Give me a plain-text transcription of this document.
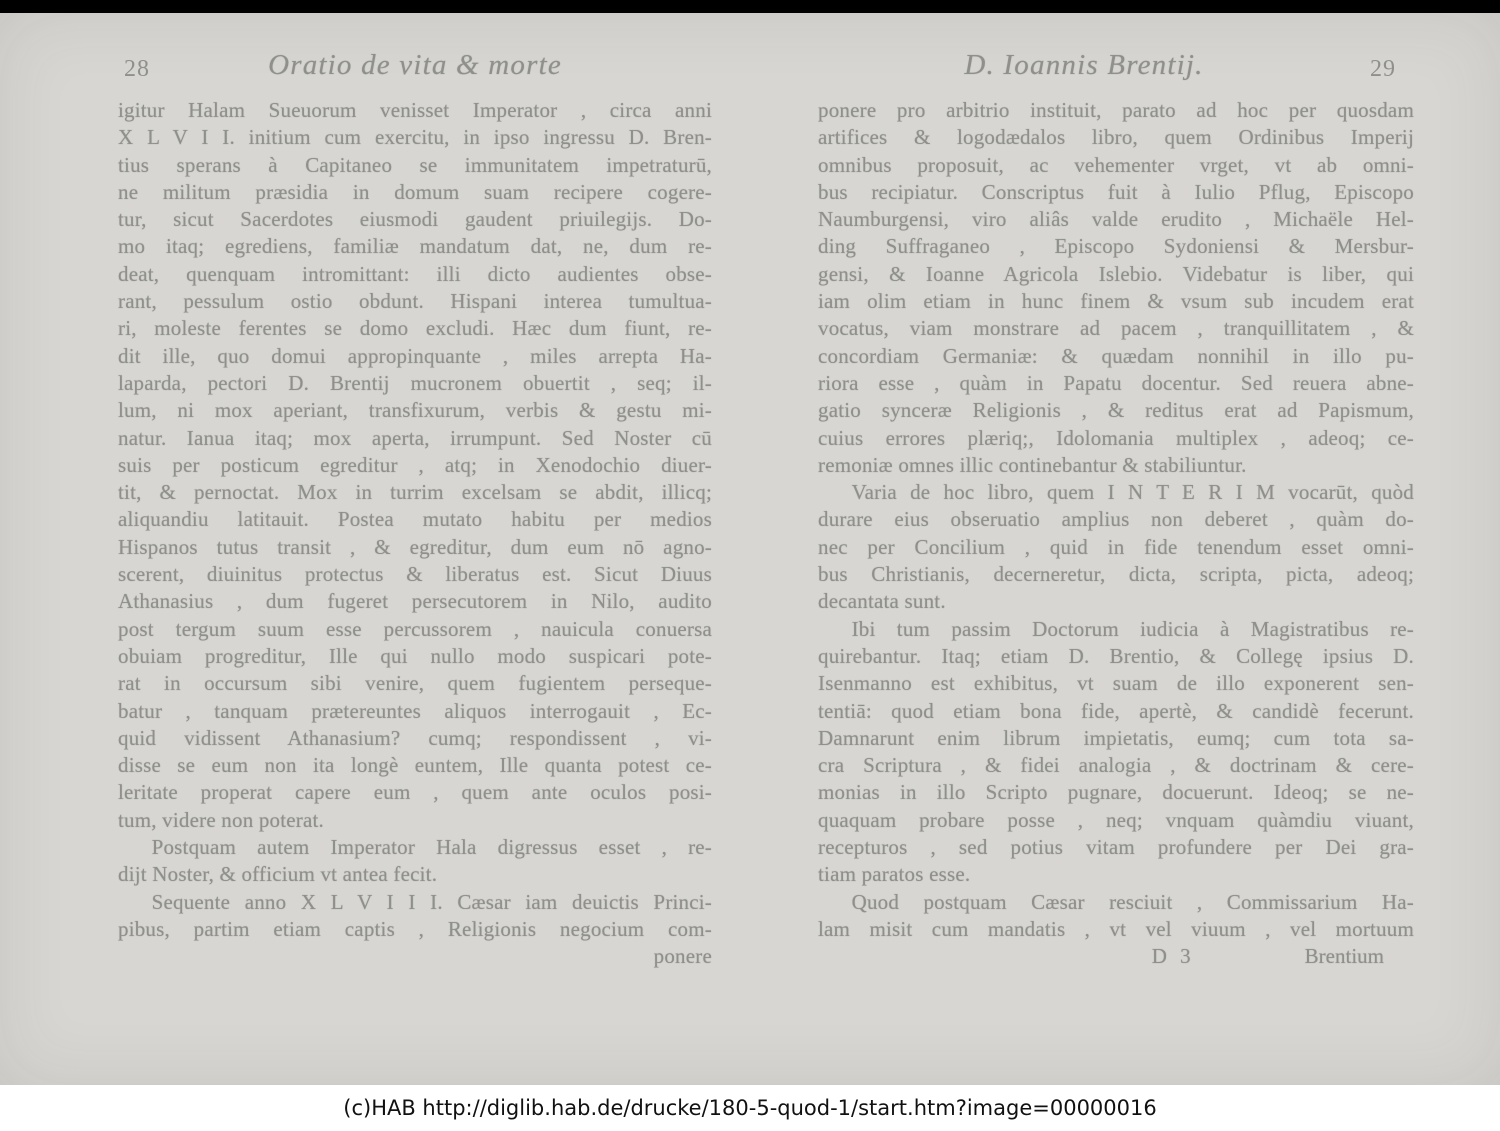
28	Oratio de vita & morte
igitur Halam Sueuorum venisset Imperator , circa anni
X L V I I. initium cum exercitu, in ipso ingressu D. Bren-
tius sperans à Capitaneo se immunitatem impetraturū,
ne militum præsidia in domum suam recipere cogere-
tur, sicut Sacerdotes eiusmodi gaudent priuilegijs. Do-
mo itaq; egrediens, familiæ mandatum dat, ne, dum re-
deat, quenquam intromittant: illi dicto audientes obse-
rant, pessulum ostio obdunt. Hispani interea tumultua-
ri, moleste ferentes se domo excludi. Hæc dum fiunt, re-
dit ille, quo domui appropinquante , miles arrepta Ha-
laparda, pectori D. Brentij mucronem obuertit , seq; il-
lum, ni mox aperiant, transfixurum, verbis & gestu mi-
natur. Ianua itaq; mox aperta, irrumpunt. Sed Noster cū
suis per posticum egreditur , atq; in Xenodochio diuer-
tit, & pernoctat. Mox in turrim excelsam se abdit, illicq;
aliquandiu latitauit. Postea mutato habitu per medios
Hispanos tutus transit , & egreditur, dum eum nō agno-
scerent, diuinitus protectus & liberatus est. Sicut Diuus
Athanasius , dum fugeret persecutorem in Nilo, audito
post tergum suum esse percussorem , nauicula conuersa
obuiam progreditur, Ille qui nullo modo suspicari pote-
rat in occursum sibi venire, quem fugientem perseque-
batur , tanquam prætereuntes aliquos interrogauit , Ec-
quid vidissent Athanasium? cumq; respondissent , vi-
disse se eum non ita longè euntem, Ille quanta potest ce-
leritate properat capere eum , quem ante oculos posi-
tum, videre non poterat.
Postquam autem Imperator Hala digressus esset , re-
dijt Noster, & officium vt antea fecit.
Sequente anno X L V I I I. Cæsar iam deuictis Princi-
pibus, partim etiam captis , Religionis negocium com-
ponere
D. Ioannis Brentij.	29
ponere pro arbitrio instituit, parato ad hoc per quosdam
artifices & logodædalos libro, quem Ordinibus Imperij
omnibus proposuit, ac vehementer vrget, vt ab omni-
bus recipiatur. Conscriptus fuit à Iulio Pflug, Episcopo
Naumburgensi, viro aliâs valde erudito , Michaële Hel-
ding Suffraganeo , Episcopo Sydoniensi & Mersbur-
gensi, & Ioanne Agricola Islebio. Videbatur is liber, qui
iam olim etiam in hunc finem & vsum sub incudem erat
vocatus, viam monstrare ad pacem , tranquillitatem , &
concordiam Germaniæ: & quædam nonnihil in illo pu-
riora esse , quàm in Papatu docentur. Sed reuera abne-
gatio synceræ Religionis , & reditus erat ad Papismum,
cuius errores plæriq;, Idolomania multiplex , adeoq; ce-
remoniæ omnes illic continebantur & stabiliuntur.
Varia de hoc libro, quem I N T E R I M vocarūt, quòd
durare eius obseruatio amplius non deberet , quàm do-
nec per Concilium , quid in fide tenendum esset omni-
bus Christianis, decerneretur, dicta, scripta, picta, adeoq;
decantata sunt.
Ibi tum passim Doctorum iudicia à Magistratibus re-
quirebantur. Itaq; etiam D. Brentio, & Collegę ipsius D.
Isenmanno est exhibitus, vt suam de illo exponerent sen-
tentiā: quod etiam bona fide, apertè, & candidè fecerunt.
Damnarunt enim librum impietatis, eumq; cum tota sa-
cra Scriptura , & fidei analogia , & doctrinam & cere-
monias in illo Scripto pugnare, docuerunt. Ideoq; se ne-
quaquam probare posse , neq; vnquam quàmdiu viuant,
recepturos , sed potius vitam profundere per Dei gra-
tiam paratos esse.
Quod postquam Cæsar resciuit , Commissarium Ha-
lam misit cum mandatis , vt vel viuum , vel mortuum
D 3	Brentium
(c)HAB http://diglib.hab.de/drucke/180-5-quod-1/start.htm?image=00000016
